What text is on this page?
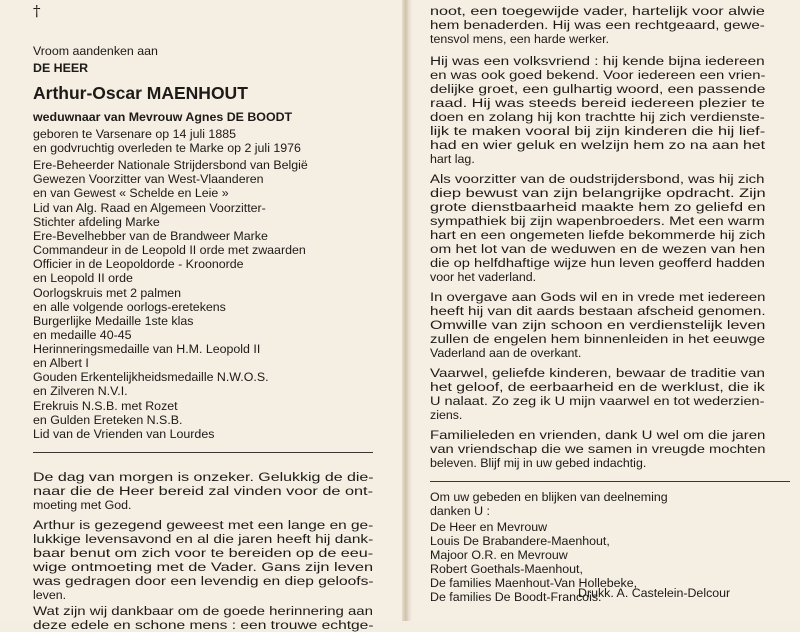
†
Vroom aandenken aan
DE HEER
Arthur-Oscar MAENHOUT
weduwnaar van Mevrouw Agnes DE BOODT
geboren te Varsenare op 14 juli 1885
en godvruchtig overleden te Marke op 2 juli 1976
Ere-Beheerder Nationale Strijdersbond van België
Gewezen Voorzitter van West-Vlaanderen
en van Gewest « Schelde en Leie »
Lid van Alg. Raad en Algemeen Voorzitter-
Stichter afdeling Marke
Ere-Bevelhebber van de Brandweer Marke
Commandeur in de Leopold II orde met zwaarden
Officier in de Leopoldorde - Kroonorde
en Leopold II orde
Oorlogskruis met 2 palmen
en alle volgende oorlogs-eretekens
Burgerlijke Medaille 1ste klas
en medaille 40-45
Herinneringsmedaille van H.M. Leopold II
en Albert I
Gouden Erkentelijkheidsmedaille N.W.O.S.
en Zilveren N.V.I.
Erekruis N.S.B. met Rozet
en Gulden Ereteken N.S.B.
Lid van de Vrienden van Lourdes
De dag van morgen is onzeker. Gelukkig de die-
naar die de Heer bereid zal vinden voor de ont-
moeting met God.
Arthur is gezegend geweest met een lange en ge-
lukkige levensavond en al die jaren heeft hij dank-
baar benut om zich voor te bereiden op de eeu-
wige ontmoeting met de Vader. Gans zijn leven
was gedragen door een levendig en diep geloofs-
leven.
Wat zijn wij dankbaar om de goede herinnering aan
deze edele en schone mens : een trouwe echtge-
noot, een toegewijde vader, hartelijk voor alwie
hem benaderden. Hij was een rechtgeaard, gewe-
tensvol mens, een harde werker.
Hij was een volksvriend : hij kende bijna iedereen
en was ook goed bekend. Voor iedereen een vrien-
delijke groet, een gulhartig woord, een passende
raad. Hij was steeds bereid iedereen plezier te
doen en zolang hij kon trachtte hij zich verdienste-
lijk te maken vooral bij zijn kinderen die hij lief-
had en wier geluk en welzijn hem zo na aan het
hart lag.
Als voorzitter van de oudstrijdersbond, was hij zich
diep bewust van zijn belangrijke opdracht. Zijn
grote dienstbaarheid maakte hem zo geliefd en
sympathiek bij zijn wapenbroeders. Met een warm
hart en een ongemeten liefde bekommerde hij zich
om het lot van de weduwen en de wezen van hen
die op helfdhaftige wijze hun leven geofferd hadden
voor het vaderland.
In overgave aan Gods wil en in vrede met iedereen
heeft hij van dit aards bestaan afscheid genomen.
Omwille van zijn schoon en verdienstelijk leven
zullen de engelen hem binnenleiden in het eeuwge
Vaderland aan de overkant.
Vaarwel, geliefde kinderen, bewaar de traditie van
het geloof, de eerbaarheid en de werklust, die ik
U nalaat. Zo zeg ik U mijn vaarwel en tot wederzien-
ziens.
Familieleden en vrienden, dank U wel om die jaren
van vriendschap die we samen in vreugde mochten
beleven. Blijf mij in uw gebed indachtig.
Om uw gebeden en blijken van deelneming
danken U :
De Heer en Mevrouw
Louis De Brabandere-Maenhout,
Majoor O.R. en Mevrouw
Robert Goethals-Maenhout,
De families Maenhout-Van Hollebeke,
De families De Boodt-Francois.
Drukk. A. Castelein-Delcour
